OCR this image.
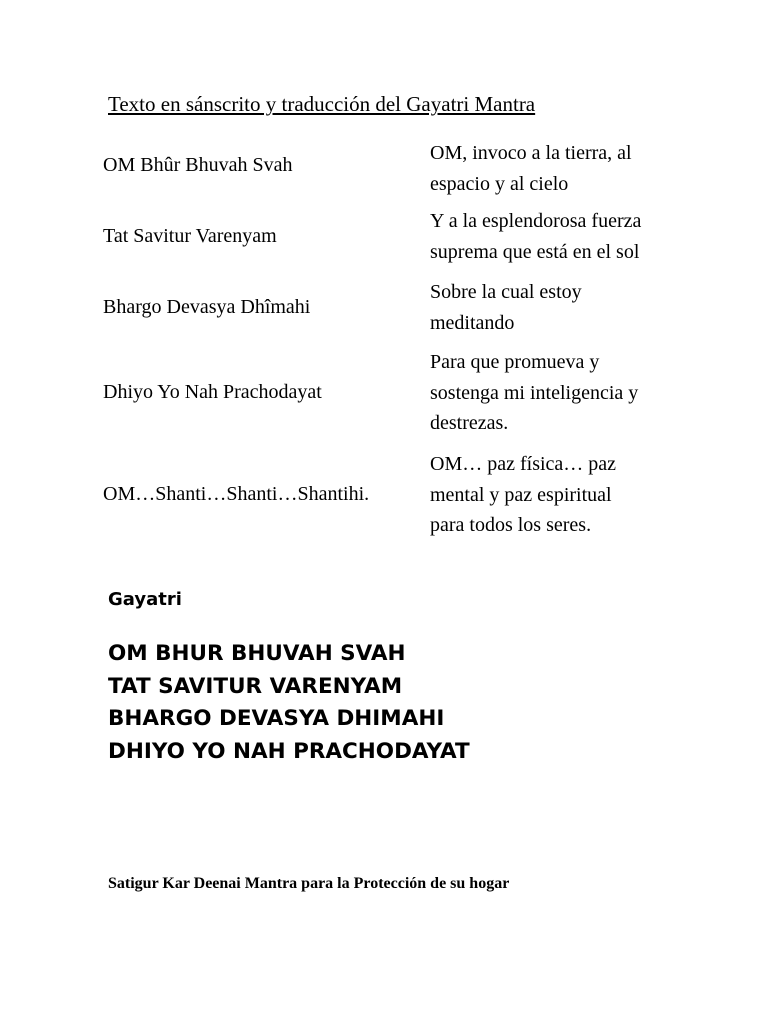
Texto en sánscrito y traducción del Gayatri Mantra
OM Bhûr Bhuvah Svah
OM, invoco a la tierra, al
espacio y al cielo
Tat Savitur Varenyam
Y a la esplendorosa fuerza
suprema que está en el sol
Bhargo Devasya Dhîmahi
Sobre la cual estoy
meditando
Dhiyo Yo Nah Prachodayat
Para que promueva y
sostenga mi inteligencia y
destrezas.
OM…Shanti…Shanti…Shantihi.
OM… paz física… paz
mental y paz espiritual
para todos los seres.
Gayatri
OM BHUR BHUVAH SVAH
TAT SAVITUR VARENYAM
BHARGO DEVASYA DHIMAHI
DHIYO YO NAH PRACHODAYAT
Satigur Kar Deenai Mantra para la Protección de su hogar
